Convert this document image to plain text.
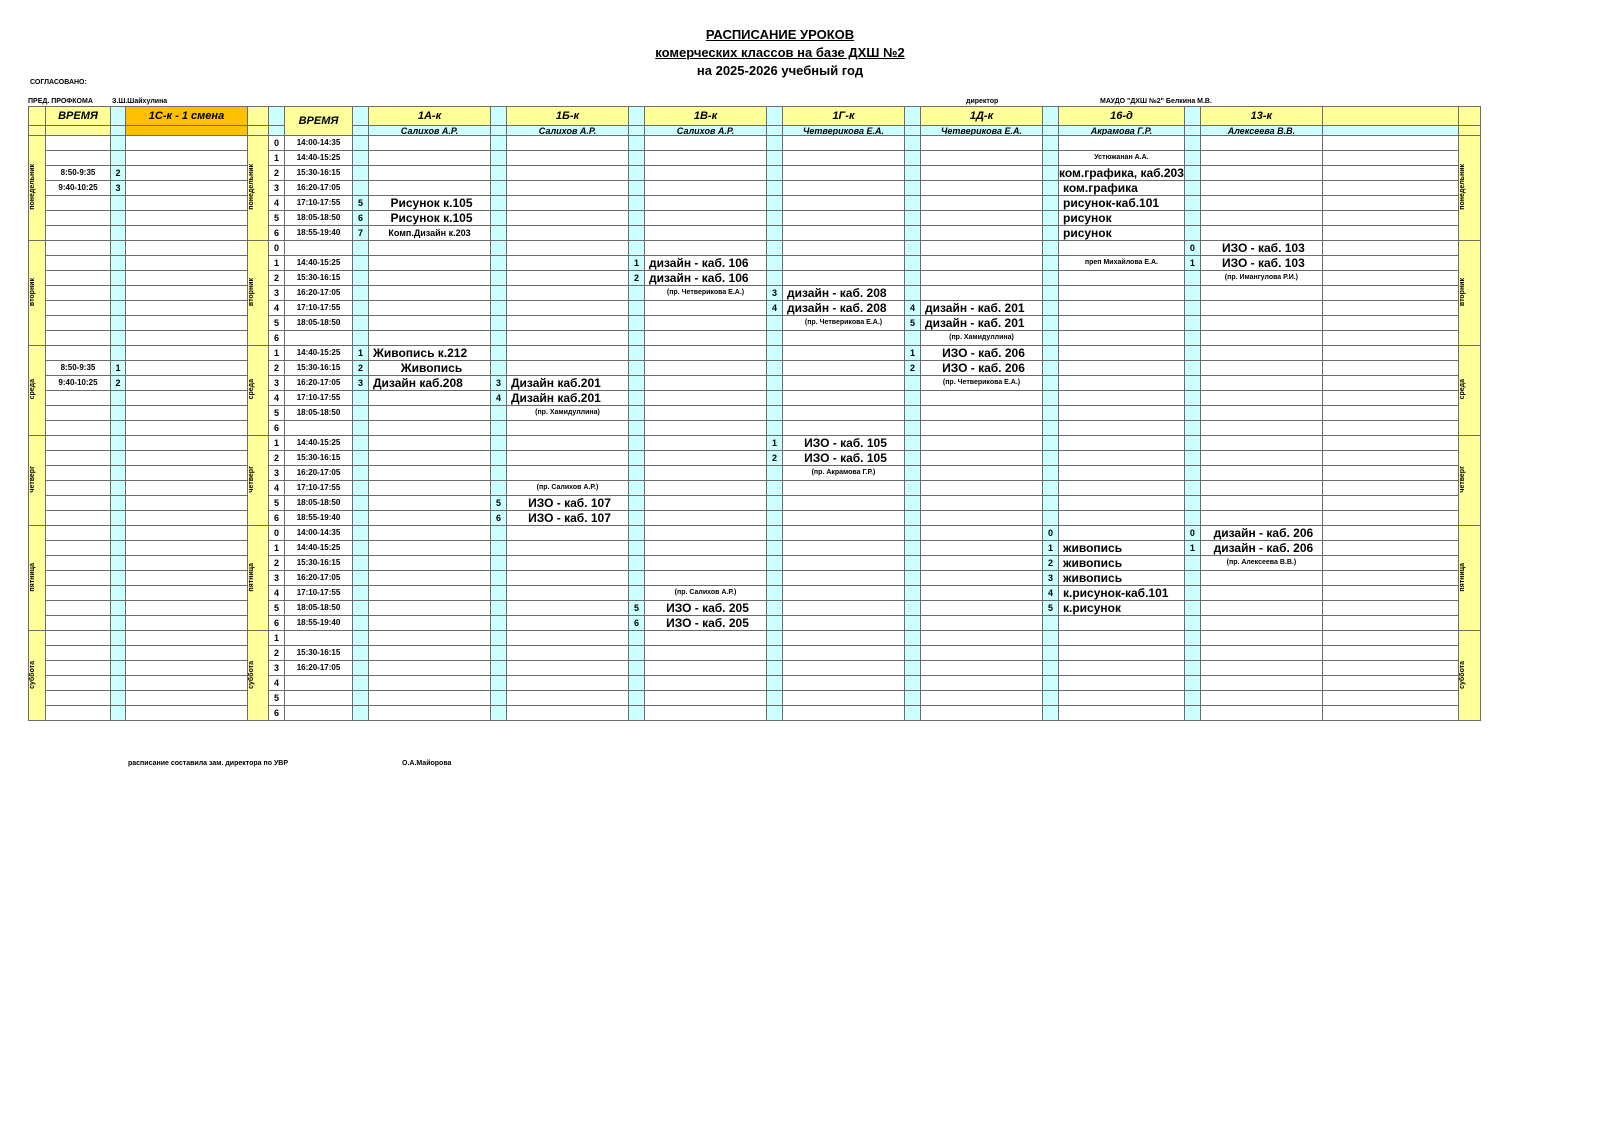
РАСПИСАНИЕ УРОКОВ
комерческих классов на базе ДХШ №2
на 2025-2026 учебный год
СОГЛАСОВАНО:
ПРЕД. ПРОФКОМА	З.Ш.Шайхулина	директор	МАУДО "ДХШ №2" Белкина М.В.
	ВРЕМЯ		1С-к - 1 смена			ВРЕМЯ		1А-к		1Б-к		1В-к		1Г-к		1Д-к		16-д		13-к		
								Салихов А.Р.		Салихов А.Р.		Салихов А.Р.		Четверикова Е.А.		Четверикова Е.А.		Акрамова Г.Р.		Алексеева В.В.		
понедельник				понедельник	0	14:00-14:35																понедельник
					1	14:40-15:25												Устюжанан А.А.				
	8:50-9:35	2			2	15:30-16:15												ком.графика, каб.203				
	9:40-10:25	3			3	16:20-17:05												ком.графика				
					4	17:10-17:55	5	Рисунок к.105										рисунок-каб.101				
					5	18:05-18:50	6	Рисунок к.105										рисунок				
					6	18:55-19:40	7	Комп.Дизайн к.203										рисунок				
вторник				вторник	0														0	ИЗО - каб. 103		вторник
					1	14:40-15:25					1	дизайн - каб. 106						преп Михайлова Е.А.	1	ИЗО - каб. 103		
					2	15:30-16:15					2	дизайн - каб. 106								(пр. Имангулова Р.И.)		
					3	16:20-17:05						(пр. Четверикова Е.А.)	3	дизайн - каб. 208								
					4	17:10-17:55							4	дизайн - каб. 208	4	дизайн - каб. 201						
					5	18:05-18:50								(пр. Четверикова Е.А.)	5	дизайн - каб. 201						
					6											(пр. Хамидуллина)						
среда				среда	1	14:40-15:25	1	Живопись к.212							1	ИЗО - каб. 206						среда
	8:50-9:35	1			2	15:30-16:15	2	Живопись							2	ИЗО - каб. 206						
	9:40-10:25	2			3	16:20-17:05	3	Дизайн каб.208	3	Дизайн каб.201						(пр. Четверикова Е.А.)						
					4	17:10-17:55			4	Дизайн каб.201												
					5	18:05-18:50				(пр. Хамидуллина)												
					6																	
четверг				четверг	1	14:40-15:25							1	ИЗО - каб. 105								четверг
					2	15:30-16:15							2	ИЗО - каб. 105								
					3	16:20-17:05								(пр. Акрамова Г.Р.)								
					4	17:10-17:55				(пр. Салихов А.Р.)												
					5	18:05-18:50			5	ИЗО - каб. 107												
					6	18:55-19:40			6	ИЗО - каб. 107												
пятница				пятница	0	14:00-14:35											0		0	дизайн - каб. 206		пятница
					1	14:40-15:25											1	живопись	1	дизайн - каб. 206		
					2	15:30-16:15											2	живопись		(пр. Алексеева В.В.)		
					3	16:20-17:05											3	живопись				
					4	17:10-17:55						(пр. Салихов А.Р.)					4	к.рисунок-каб.101				
					5	18:05-18:50					5	ИЗО - каб. 205					5	к.рисунок				
					6	18:55-19:40					6	ИЗО - каб. 205										
суббота				суббота	1																	суббота
					2	15:30-16:15																
					3	16:20-17:05																
					4																	
					5																	
					6																	
расписание составила зам. директора по УВР	О.А.Майорова
